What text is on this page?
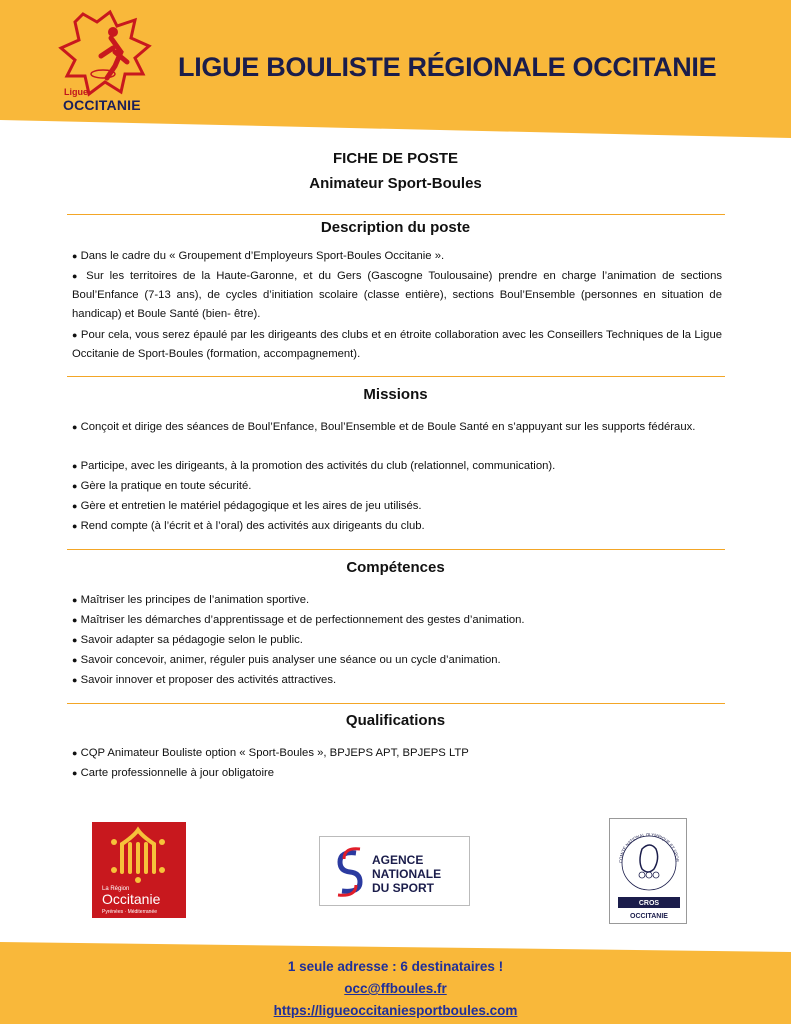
Ligue
OCCITANIE
LIGUE BOULISTE RÉGIONALE OCCITANIE
FICHE DE POSTE
Animateur Sport-Boules
Description du poste
● Dans le cadre du « Groupement d’Employeurs Sport-Boules Occitanie ».
● Sur les territoires de la Haute-Garonne, et du Gers (Gascogne Toulousaine) prendre en charge l’animation de sections Boul’Enfance (7-13 ans), de cycles d’initiation scolaire (classe entière), sections Boul’Ensemble (personnes en situation de handicap) et Boule Santé (bien- être).
● Pour cela, vous serez épaulé par les dirigeants des clubs et en étroite collaboration avec les Conseillers Techniques de la Ligue Occitanie de Sport-Boules (formation, accompagnement).
Missions
● Conçoit et dirige des séances de Boul’Enfance, Boul’Ensemble et de Boule Santé en s’appuyant sur les supports fédéraux.
● Participe, avec les dirigeants, à la promotion des activités du club (relationnel, communication).
● Gère la pratique en toute sécurité.
● Gère et entretien le matériel pédagogique et les aires de jeu utilisés.
● Rend compte (à l’écrit et à l’oral) des activités aux dirigeants du club.
Compétences
● Maîtriser les principes de l’animation sportive.
● Maîtriser les démarches d’apprentissage et de perfectionnement des gestes d’animation.
● Savoir adapter sa pédagogie selon le public.
● Savoir concevoir, animer, réguler puis analyser une séance ou un cycle d’animation.
● Savoir innover et proposer des activités attractives.
Qualifications
● CQP Animateur Bouliste option « Sport-Boules », BPJEPS APT, BPJEPS LTP
● Carte professionnelle à jour obligatoire
La Région
Occitanie
Pyrénées · Méditerranée
AGENCE
NATIONALE
DU SPORT
COMITÉ NATIONAL OLYMPIQUE ET SPOR
CROS
OCCITANIE
1 seule adresse : 6 destinataires !
occ@ffboules.fr
https://ligueoccitaniesportboules.com
